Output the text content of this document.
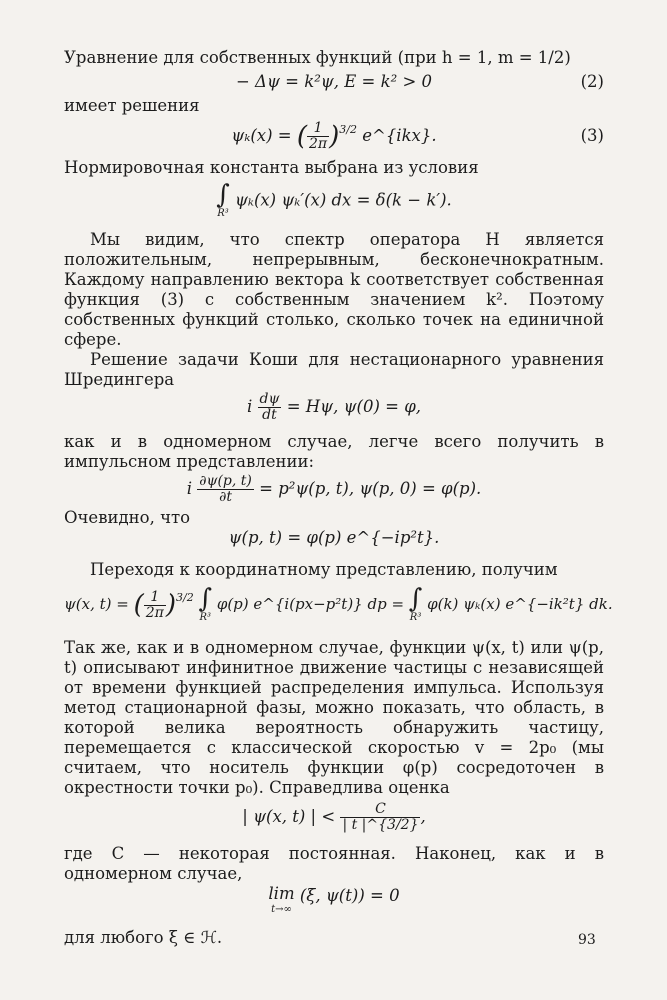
Уравнение для собственных функций (при h = 1, m = 1/2)

− Δψ = k²ψ, E = k² > 0	(2)

имеет решения

ψₖ(x) = ( $\frac{1}{2\pi} )^{3/2}$ e^{ikx}.	(3)

Нормировочная константа выбрана из условия

∫
R³
ψₖ(x) ψₖ′(x) dx = δ(k − k′).

Мы видим, что спектр оператора H является положительным, непрерывным, бесконечнократным. Каждому направлению вектора k соответствует собственная функция (3) с собственным значением k². Поэтому собственных функций столько, сколько точек на единичной сфере.

Решение задачи Коши для нестационарного уравнения Шредингера

i $\frac{d\psi}{dt} = H\psi$, ψ(0) = φ,

как и в одномерном случае, легче всего получить в импульсном представлении:

i $\frac{\partial\psi(p, t)}{\partial t} = p^2\psi(p$, t), ψ(p, 0) = φ(p).

Очевидно, что

ψ(p, t) = φ(p) e^{−ip²t}.

Переходя к координатному представлению, получим

ψ(x, t) = ( $\frac{1}{2\pi} )^{3/2}$ ∫
R³
φ(p) e^{i(px−p²t)} dp = ∫
R³
φ(k) ψₖ(x) e^{−ik²t} dk.

Так же, как и в одномерном случае, функции ψ(x, t) или ψ(p, t) описывают инфинитное движение частицы с независящей от времени функцией распределения импульса. Используя метод стационарной фазы, можно показать, что область, в которой велика вероятность обнаружить частицу, перемещается с классической скоростью v = 2p₀ (мы считаем, что носитель функции φ(p) сосредоточен в окрестности точки p₀). Справедлива оценка

| ψ(x, t) | < $\frac{C}{| t |\^{}\{3/2\}}$ ,

где C — некоторая постоянная. Наконец, как и в одномерном случае,

lim
t→∞
(ξ, ψ(t)) = 0

для любого ξ ∈ ℋ.	93
